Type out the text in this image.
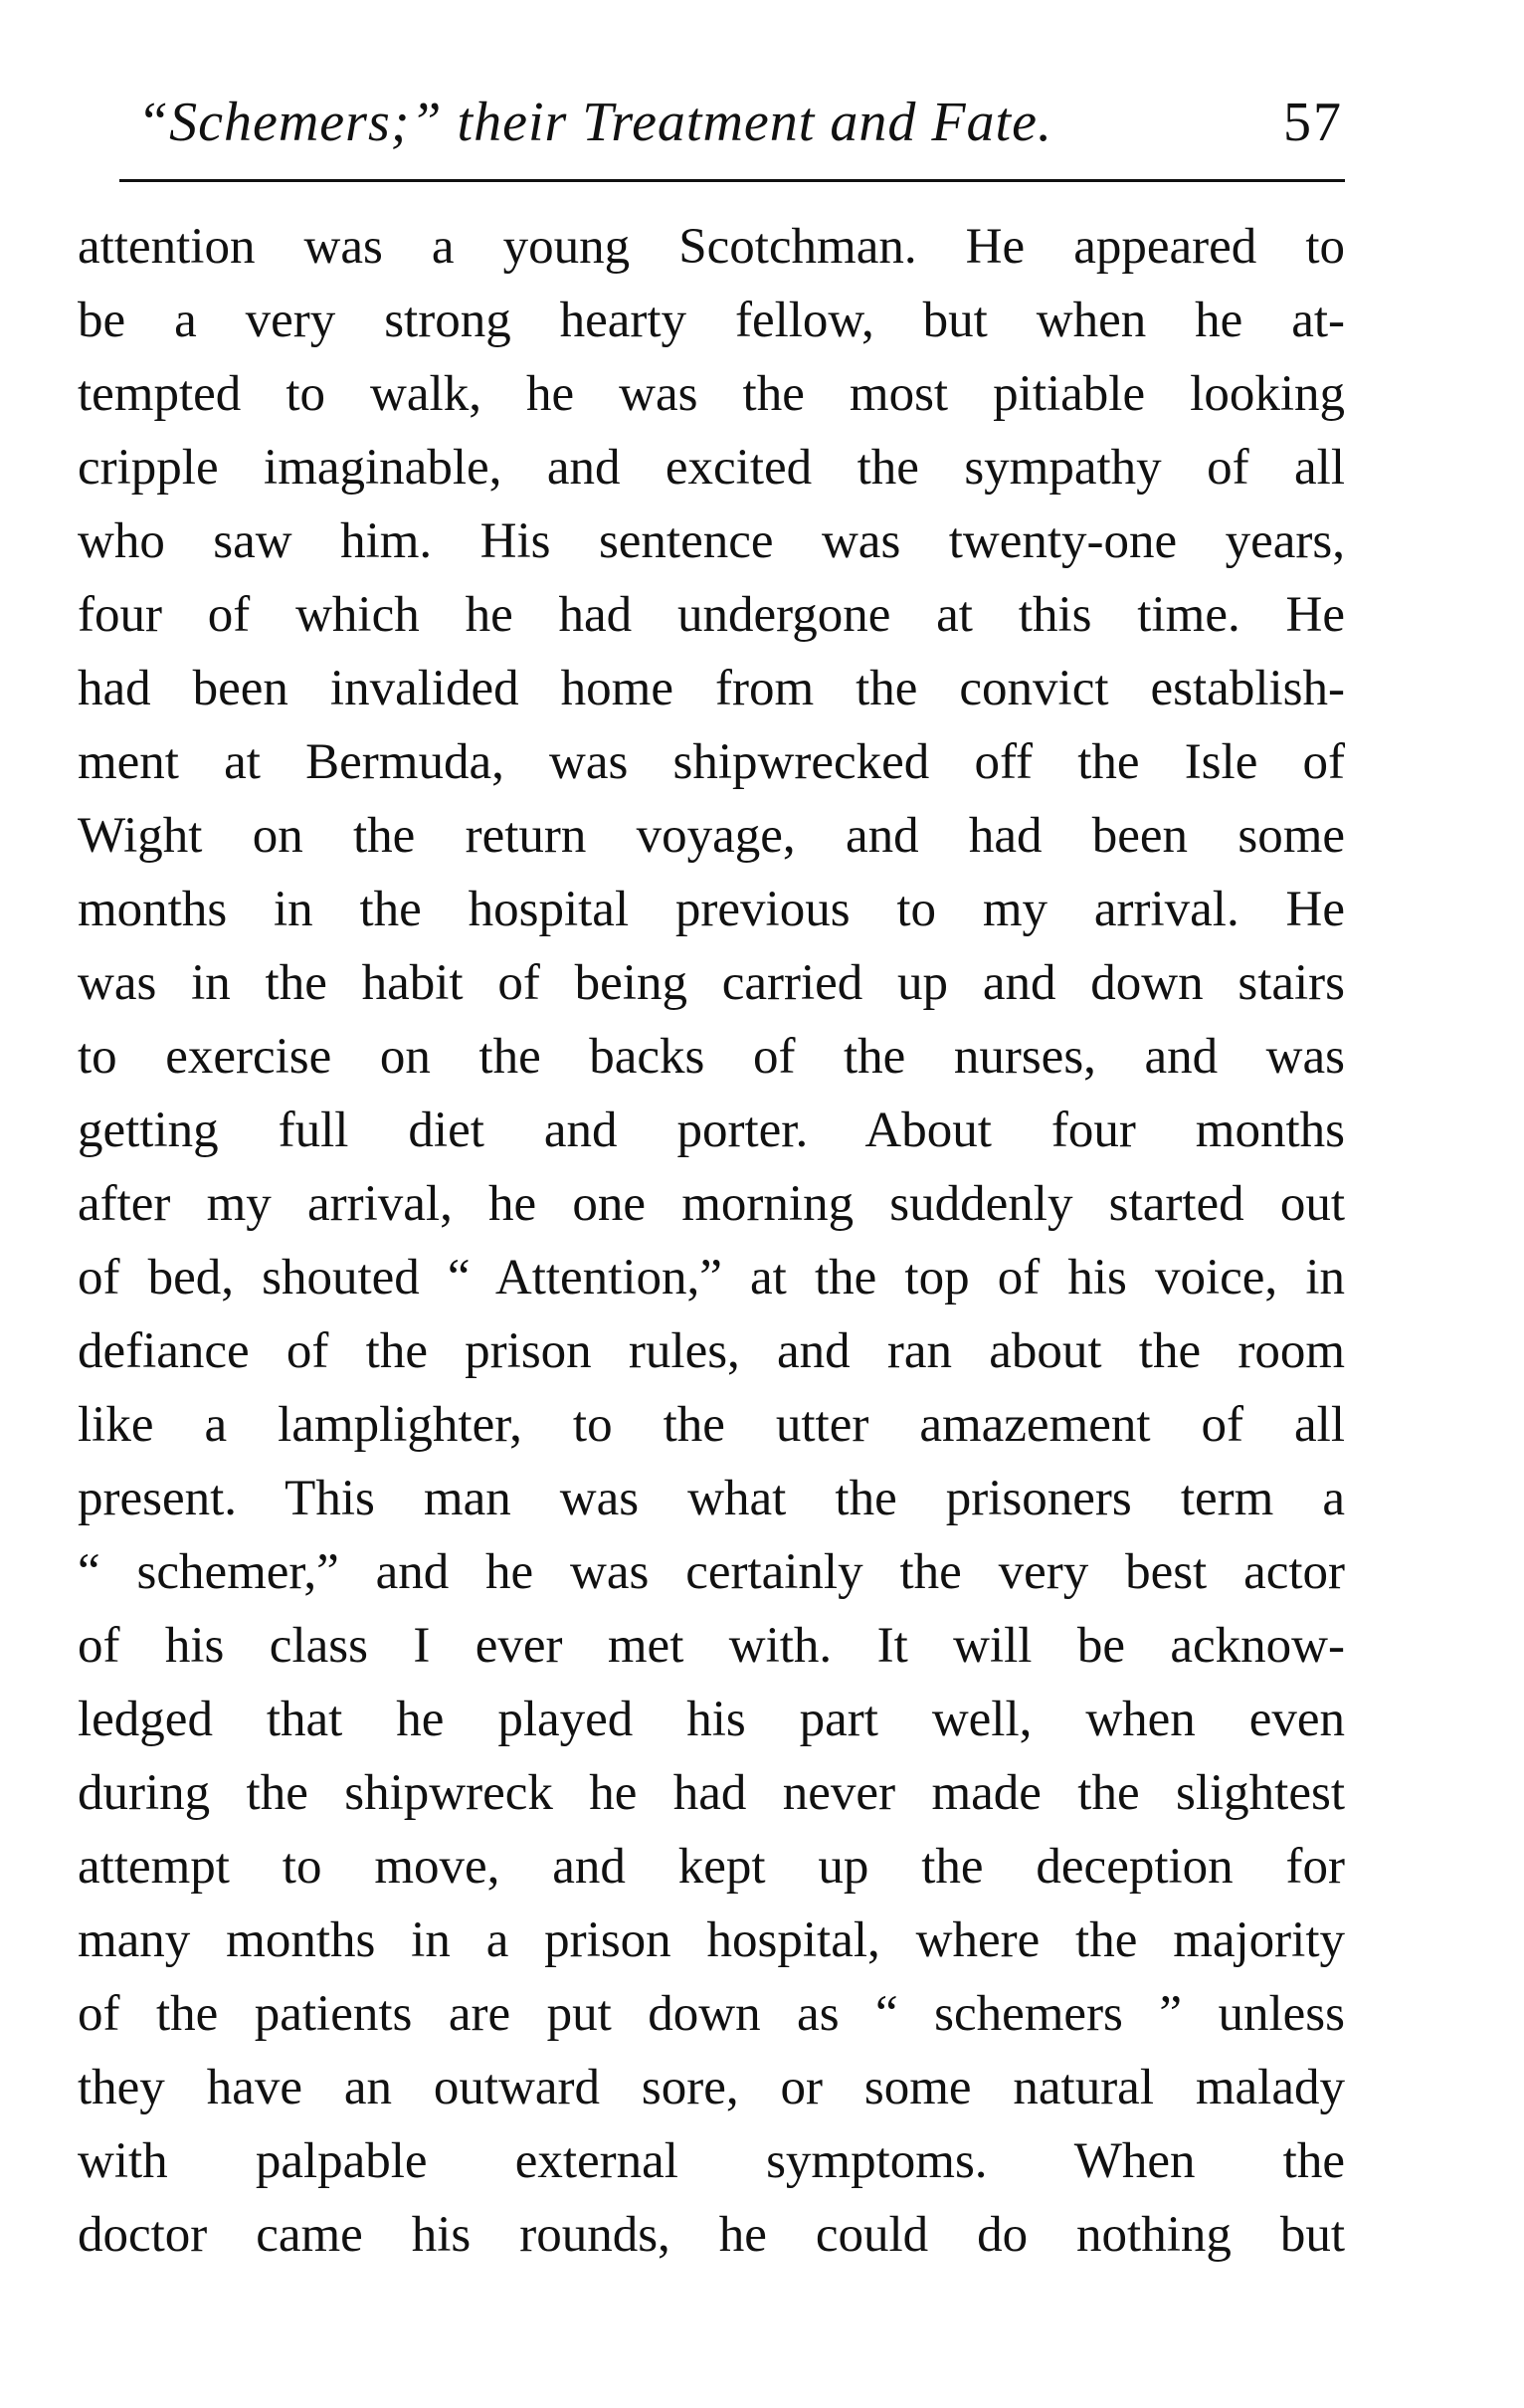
“Schemers;” their Treatment and Fate.	57
attention was a young Scotchman. He appeared to
be a very strong hearty fellow, but when he at-
tempted to walk, he was the most pitiable looking
cripple imaginable, and excited the sympathy of all
who saw him. His sentence was twenty-one years,
four of which he had undergone at this time. He
had been invalided home from the convict establish-
ment at Bermuda, was shipwrecked off the Isle of
Wight on the return voyage, and had been some
months in the hospital previous to my arrival. He
was in the habit of being carried up and down stairs
to exercise on the backs of the nurses, and was
getting full diet and porter. About four months
after my arrival, he one morning suddenly started out
of bed, shouted “ Attention,” at the top of his voice, in
defiance of the prison rules, and ran about the room
like a lamplighter, to the utter amazement of all
present. This man was what the prisoners term a
“ schemer,” and he was certainly the very best actor
of his class I ever met with. It will be acknow-
ledged that he played his part well, when even
during the shipwreck he had never made the slightest
attempt to move, and kept up the deception for
many months in a prison hospital, where the majority
of the patients are put down as “ schemers ” unless
they have an outward sore, or some natural malady
with palpable external symptoms. When the
doctor came his rounds, he could do nothing but
